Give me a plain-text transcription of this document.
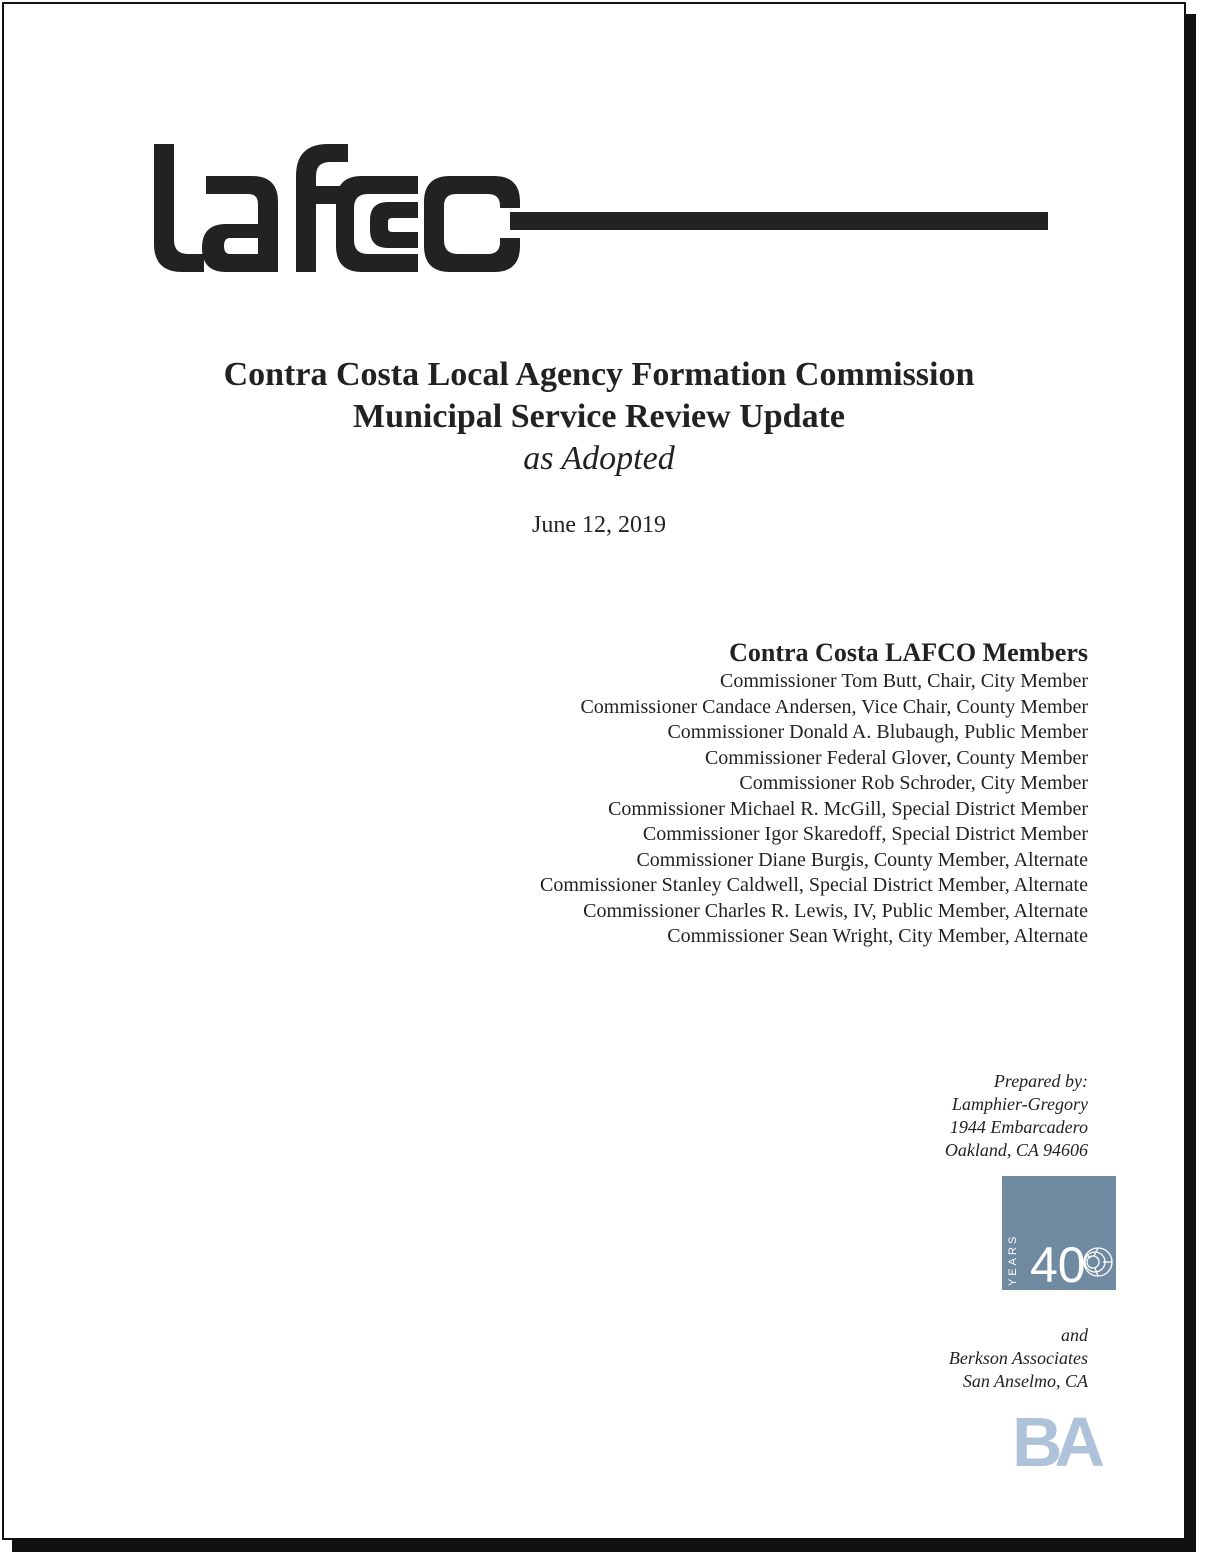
Contra Costa Local Agency Formation Commission
Municipal Service Review Update
as Adopted
June 12, 2019
Contra Costa LAFCO Members
Commissioner Tom Butt, Chair, City Member
Commissioner Candace Andersen, Vice Chair, County Member
Commissioner Donald A. Blubaugh, Public Member
Commissioner Federal Glover, County Member
Commissioner Rob Schroder, City Member
Commissioner Michael R. McGill, Special District Member
Commissioner Igor Skaredoff, Special District Member
Commissioner Diane Burgis, County Member, Alternate
Commissioner Stanley Caldwell, Special District Member, Alternate
Commissioner Charles R. Lewis, IV, Public Member, Alternate
Commissioner Sean Wright, City Member, Alternate
Prepared by:
Lamphier-Gregory
1944 Embarcadero
Oakland, CA 94606
YEARS 40
and
Berkson Associates
San Anselmo, CA
BA
